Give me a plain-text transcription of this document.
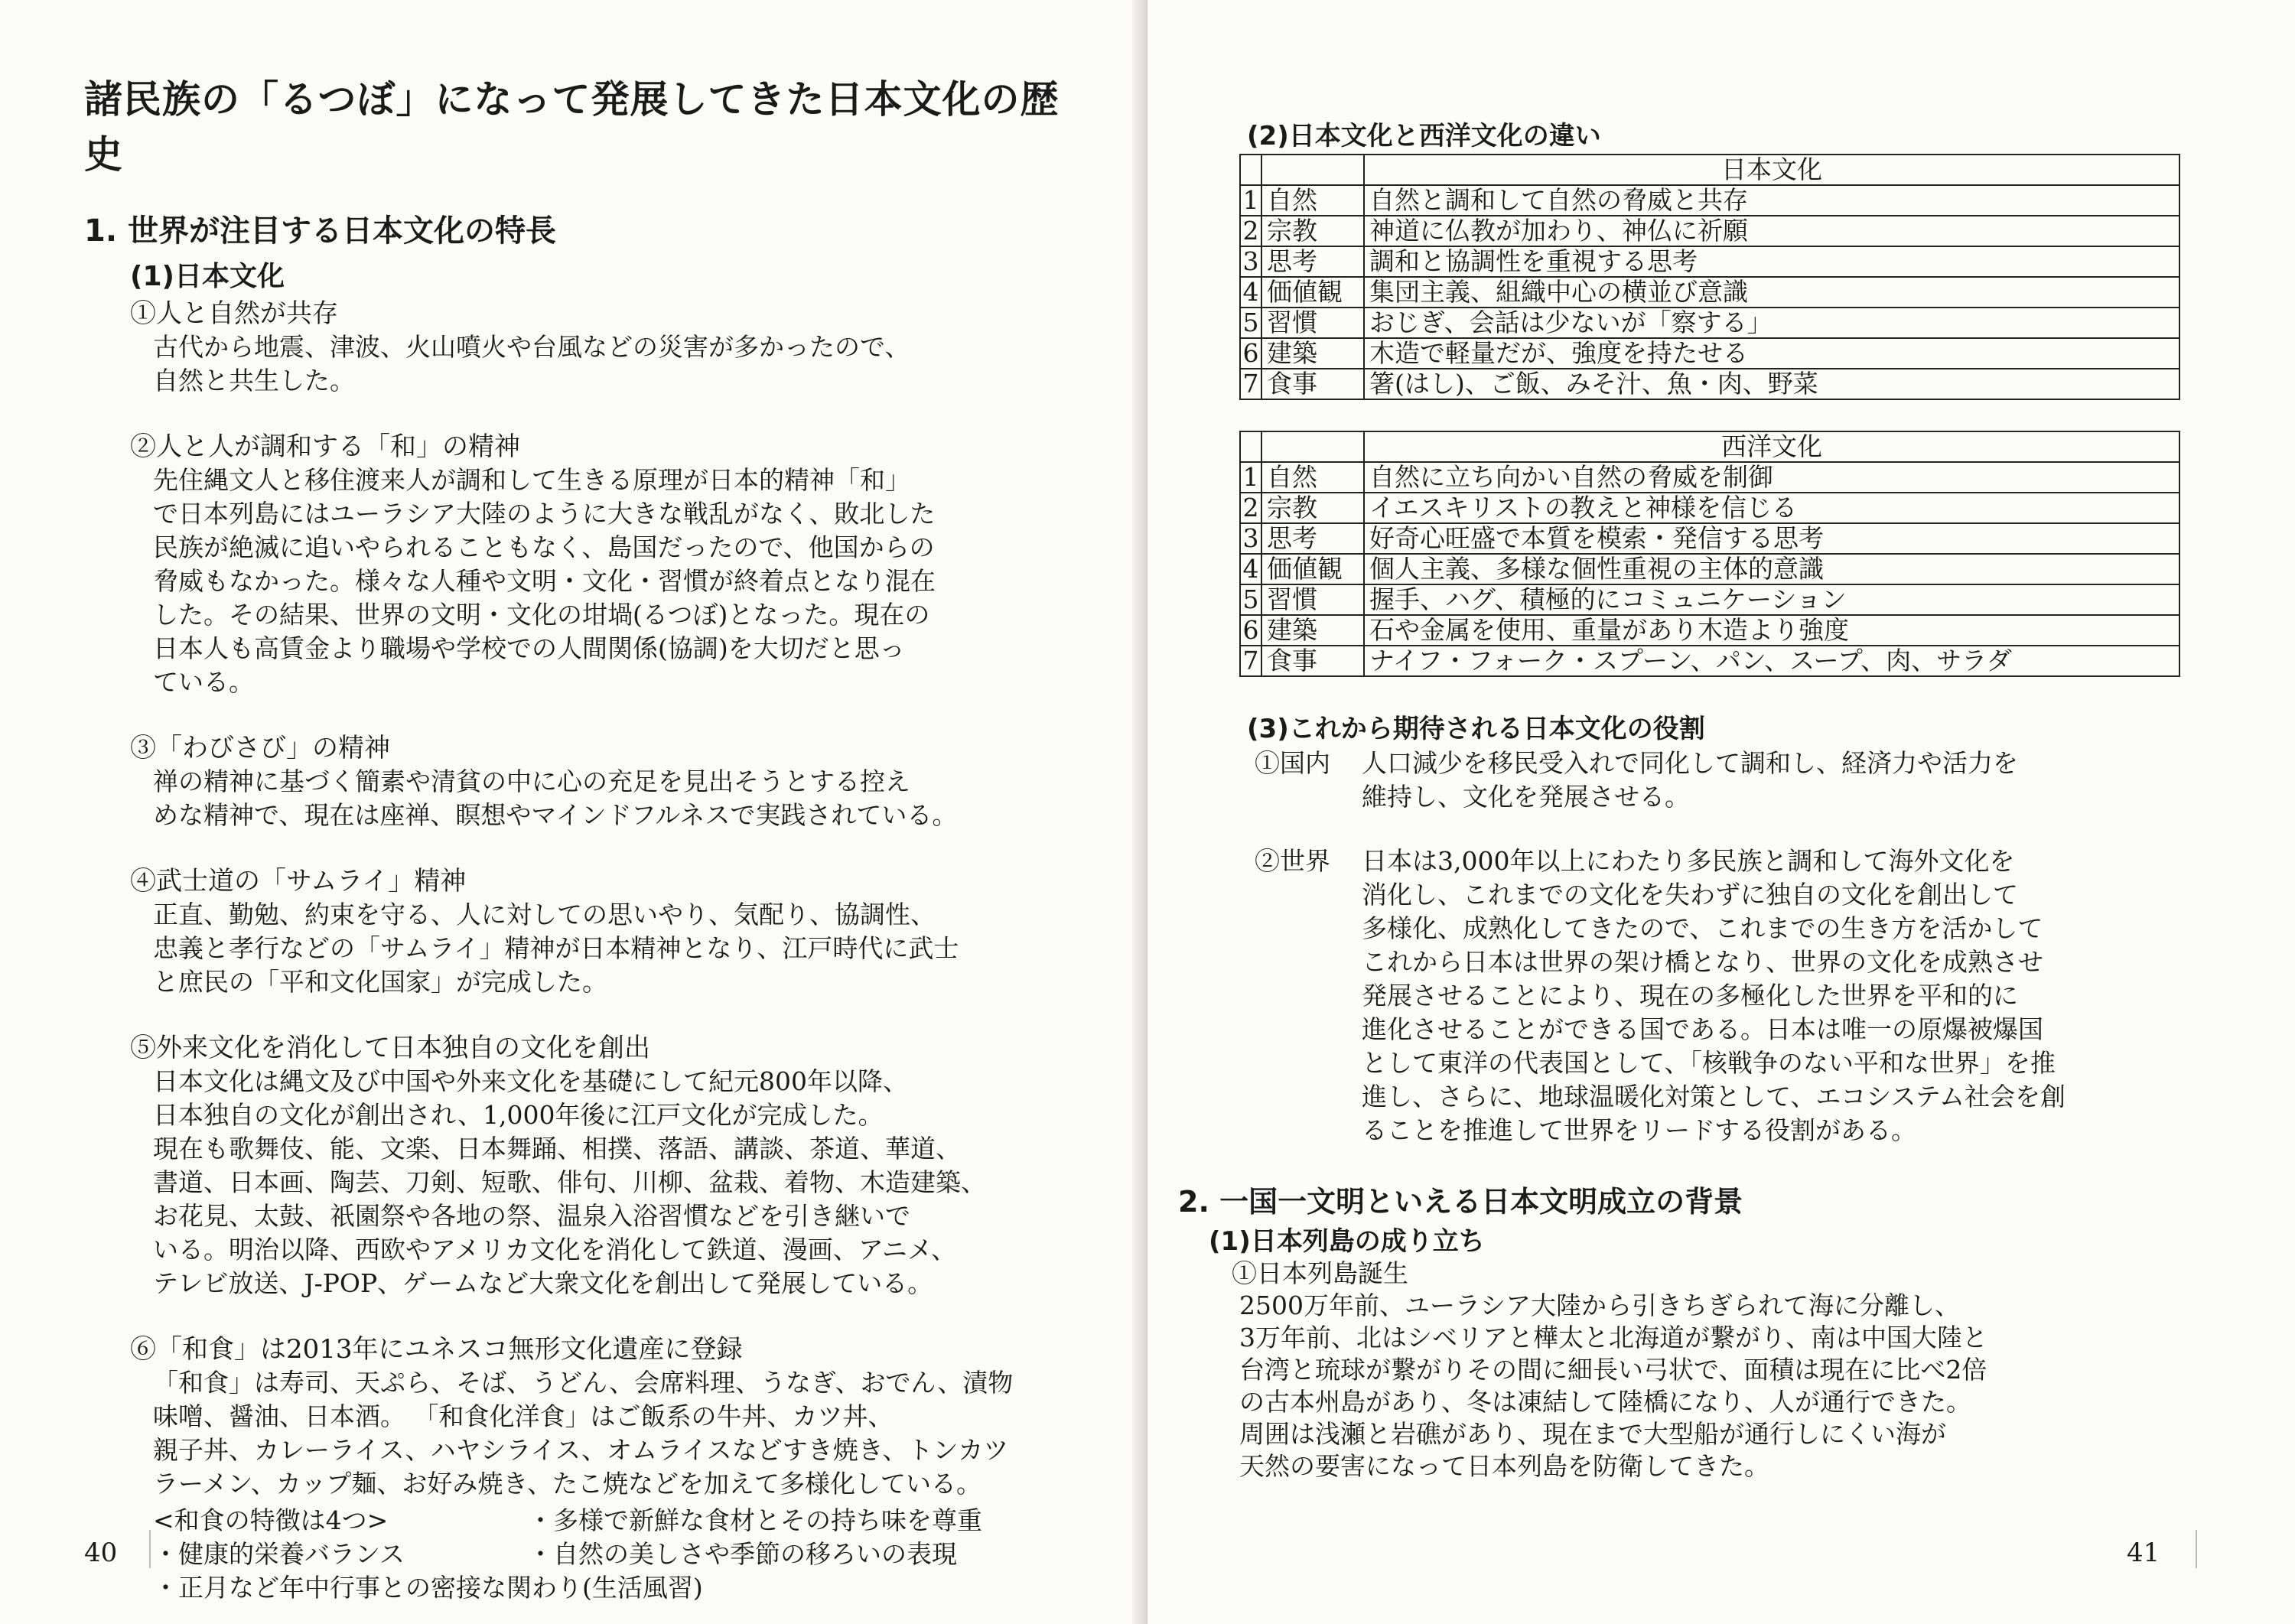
諸民族の「るつぼ」になって発展してきた日本文化の歴史
1. 世界が注目する日本文化の特長
(1)日本文化

①人と自然が共存

古代から地震、津波、火山噴火や台風などの災害が多かったので、
自然と共生した。

②人と人が調和する「和」の精神

先住縄文人と移住渡来人が調和して生きる原理が日本的精神「和」
で日本列島にはユーラシア大陸のように大きな戦乱がなく、敗北した
民族が絶滅に追いやられることもなく、島国だったので、他国からの
脅威もなかった。様々な人種や文明・文化・習慣が終着点となり混在
した。その結果、世界の文明・文化の坩堝(るつぼ)となった。現在の
日本人も高賃金より職場や学校での人間関係(協調)を大切だと思っ
ている。

③「わびさび」の精神

禅の精神に基づく簡素や清貧の中に心の充足を見出そうとする控え
めな精神で、現在は座禅、瞑想やマインドフルネスで実践されている。

④武士道の「サムライ」精神

正直、勤勉、約束を守る、人に対しての思いやり、気配り、協調性、
忠義と孝行などの「サムライ」精神が日本精神となり、江戸時代に武士
と庶民の「平和文化国家」が完成した。

⑤外来文化を消化して日本独自の文化を創出

日本文化は縄文及び中国や外来文化を基礎にして紀元800年以降、
日本独自の文化が創出され、1,000年後に江戸文化が完成した。
現在も歌舞伎、能、文楽、日本舞踊、相撲、落語、講談、茶道、華道、
書道、日本画、陶芸、刀剣、短歌、俳句、川柳、盆栽、着物、木造建築、
お花見、太鼓、祇園祭や各地の祭、温泉入浴習慣などを引き継いで
いる。明治以降、西欧やアメリカ文化を消化して鉄道、漫画、アニメ、
テレビ放送、J-POP、ゲームなど大衆文化を創出して発展している。

⑥「和食」は2013年にユネスコ無形文化遺産に登録

「和食」は寿司、天ぷら、そば、うどん、会席料理、うなぎ、おでん、漬物
味噌、醤油、日本酒。 「和食化洋食」はご飯系の牛丼、カツ丼、
親子丼、カレーライス、ハヤシライス、オムライスなどすき焼き、トンカツ
ラーメン、カップ麺、お好み焼き、たこ焼などを加えて多様化している。

<和食の特徴は4つ>	・多様で新鮮な食材とその持ち味を尊重
・健康的栄養バランス	・自然の美しさや季節の移ろいの表現
・正月など年中行事との密接な関わり(生活風習)
(2)日本文化と西洋文化の違い
		日本文化
1	自然	自然と調和して自然の脅威と共存
2	宗教	神道に仏教が加わり、神仏に祈願
3	思考	調和と協調性を重視する思考
4	価値観	集団主義、組織中心の横並び意識
5	習慣	おじぎ、会話は少ないが「察する」
6	建築	木造で軽量だが、強度を持たせる
7	食事	箸(はし)、ご飯、みそ汁、魚・肉、野菜
		西洋文化
1	自然	自然に立ち向かい自然の脅威を制御
2	宗教	イエスキリストの教えと神様を信じる
3	思考	好奇心旺盛で本質を模索・発信する思考
4	価値観	個人主義、多様な個性重視の主体的意識
5	習慣	握手、ハグ、積極的にコミュニケーション
6	建築	石や金属を使用、重量があり木造より強度
7	食事	ナイフ・フォーク・スプーン、パン、スープ、肉、サラダ
(3)これから期待される日本文化の役割
①国内	人口減少を移民受入れで同化して調和し、経済力や活力を
維持し、文化を発展させる。
②世界	日本は3,000年以上にわたり多民族と調和して海外文化を
消化し、これまでの文化を失わずに独自の文化を創出して
多様化、成熟化してきたので、これまでの生き方を活かして
これから日本は世界の架け橋となり、世界の文化を成熟させ
発展させることにより、現在の多極化した世界を平和的に
進化させることができる国である。日本は唯一の原爆被爆国
として東洋の代表国として、「核戦争のない平和な世界」を推
進し、さらに、地球温暖化対策として、エコシステム社会を創
ることを推進して世界をリードする役割がある。
2. 一国一文明といえる日本文明成立の背景
(1)日本列島の成り立ち

①日本列島誕生

2500万年前、ユーラシア大陸から引きちぎられて海に分離し、
3万年前、北はシベリアと樺太と北海道が繋がり、南は中国大陸と
台湾と琉球が繋がりその間に細長い弓状で、面積は現在に比べ2倍
の古本州島があり、冬は凍結して陸橋になり、人が通行できた。
周囲は浅瀬と岩礁があり、現在まで大型船が通行しにくい海が
天然の要害になって日本列島を防衛してきた。

40	41
